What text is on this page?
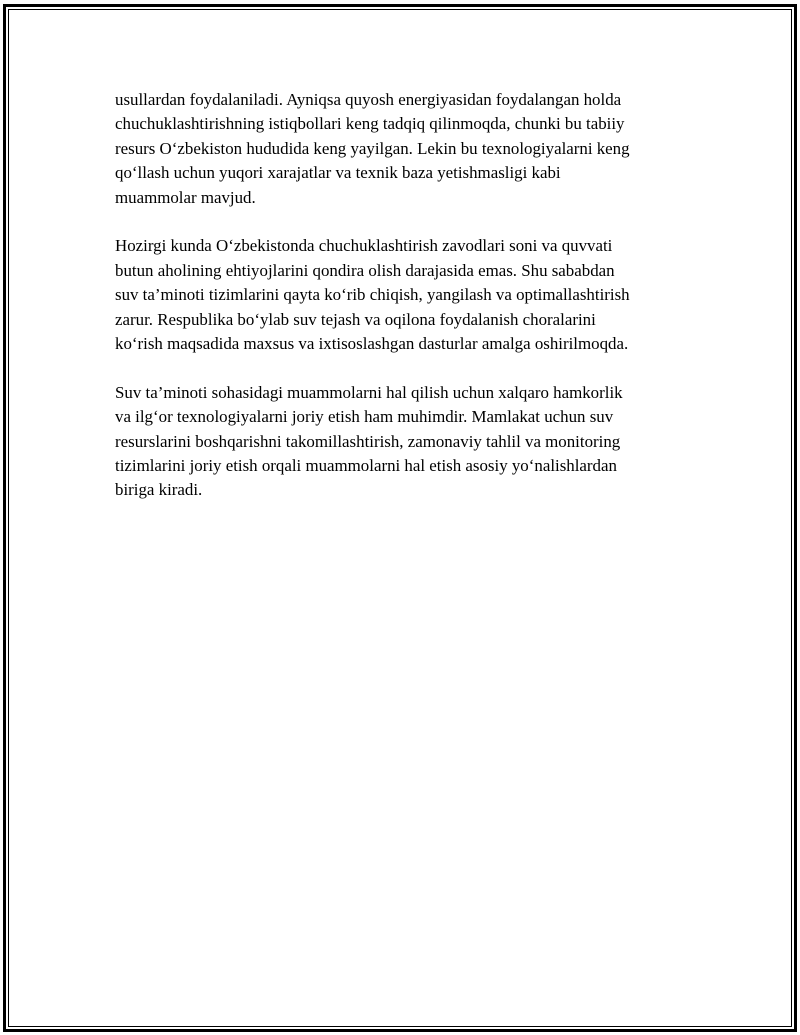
usullardan foydalaniladi. Ayniqsa quyosh energiyasidan foydalangan holda
chuchuklashtirishning istiqbollari keng tadqiq qilinmoqda, chunki bu tabiiy
resurs O‘zbekiston hududida keng yayilgan. Lekin bu texnologiyalarni keng
qo‘llash uchun yuqori xarajatlar va texnik baza yetishmasligi kabi
muammolar mavjud.

Hozirgi kunda O‘zbekistonda chuchuklashtirish zavodlari soni va quvvati
butun aholining ehtiyojlarini qondira olish darajasida emas. Shu sababdan
suv ta’minoti tizimlarini qayta ko‘rib chiqish, yangilash va optimallashtirish
zarur. Respublika bo‘ylab suv tejash va oqilona foydalanish choralarini
ko‘rish maqsadida maxsus va ixtisoslashgan dasturlar amalga oshirilmoqda.

Suv ta’minoti sohasidagi muammolarni hal qilish uchun xalqaro hamkorlik
va ilg‘or texnologiyalarni joriy etish ham muhimdir. Mamlakat uchun suv
resurslarini boshqarishni takomillashtirish, zamonaviy tahlil va monitoring
tizimlarini joriy etish orqali muammolarni hal etish asosiy yo‘nalishlardan
biriga kiradi.
